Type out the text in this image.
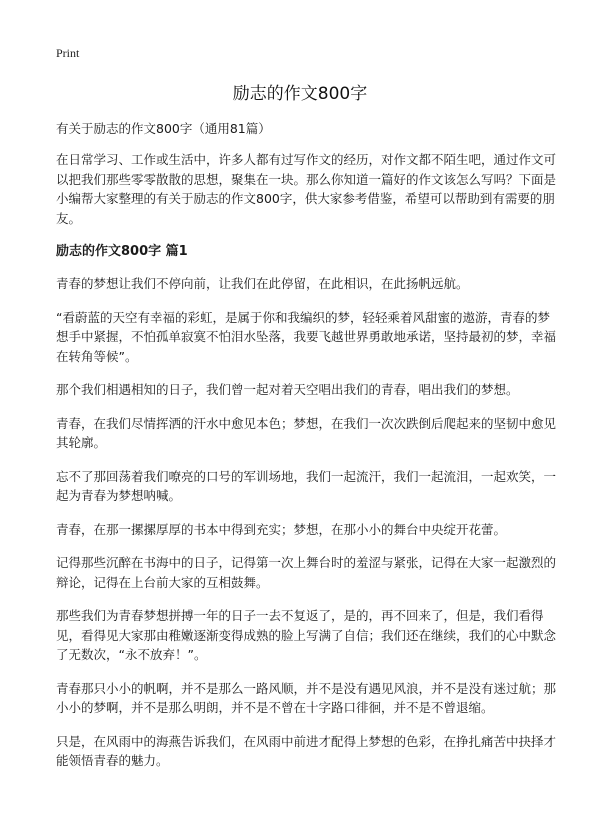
Print
励志的作文800字

有关于励志的作文800字（通用81篇）

在日常学习、工作或生活中，许多人都有过写作文的经历，对作文都不陌生吧，通过作文可以把我们那些零零散散的思想，聚集在一块。那么你知道一篇好的作文该怎么写吗？下面是小编帮大家整理的有关于励志的作文800字，供大家参考借鉴，希望可以帮助到有需要的朋友。

励志的作文800字 篇1

青春的梦想让我们不停向前，让我们在此停留，在此相识，在此扬帆远航。

“看蔚蓝的天空有幸福的彩虹，是属于你和我编织的梦，轻轻乘着风甜蜜的遨游，青春的梦想手中紧握，不怕孤单寂寞不怕泪水坠落，我要飞越世界勇敢地承诺，坚持最初的梦，幸福在转角等候”。

那个我们相遇相知的日子，我们曾一起对着天空唱出我们的青春，唱出我们的梦想。

青春，在我们尽情挥洒的汗水中愈见本色；梦想，在我们一次次跌倒后爬起来的坚韧中愈见其轮廓。

忘不了那回荡着我们嘹亮的口号的军训场地，我们一起流汗，我们一起流泪，一起欢笑，一起为青春为梦想呐喊。

青春，在那一摞摞厚厚的书本中得到充实；梦想，在那小小的舞台中央绽开花蕾。

记得那些沉醉在书海中的日子，记得第一次上舞台时的羞涩与紧张，记得在大家一起激烈的辩论，记得在上台前大家的互相鼓舞。

那些我们为青春梦想拼搏一年的日子一去不复返了，是的，再不回来了，但是，我们看得见，看得见大家那由稚嫩逐渐变得成熟的脸上写满了自信；我们还在继续，我们的心中默念了无数次，“永不放弃！”。

青春那只小小的帆啊，并不是那么一路风顺，并不是没有遇见风浪，并不是没有迷过航；那小小的梦啊，并不是那么明朗，并不是不曾在十字路口徘徊，并不是不曾退缩。

只是，在风雨中的海燕告诉我们，在风雨中前进才配得上梦想的色彩，在挣扎痛苦中抉择才能领悟青春的魅力。
